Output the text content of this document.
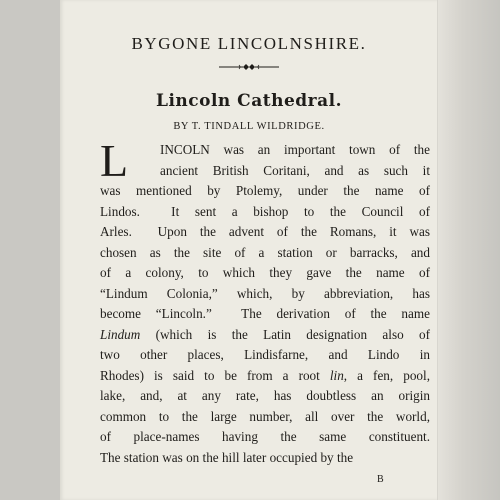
BYGONE LINCOLNSHIRE.
Lincoln Cathedral.
BY T. TINDALL WILDRIDGE.
L INCOLN was an important town of the
ancient British Coritani, and as such it
was mentioned by Ptolemy, under the name of
Lindos.  It sent a bishop to the Council of
Arles.  Upon the advent of the Romans, it was
chosen as the site of a station or barracks, and
of a colony, to which they gave the name of
“Lindum Colonia,” which, by abbreviation, has
become “Lincoln.”  The derivation of the name
Lindum (which is the Latin designation also of
two other places, Lindisfarne, and Lindo in
Rhodes) is said to be from a root lin, a fen, pool,
lake, and, at any rate, has doubtless an origin
common to the large number, all over the world,
of place-names having the same constituent.
The station was on the hill later occupied by the
B
